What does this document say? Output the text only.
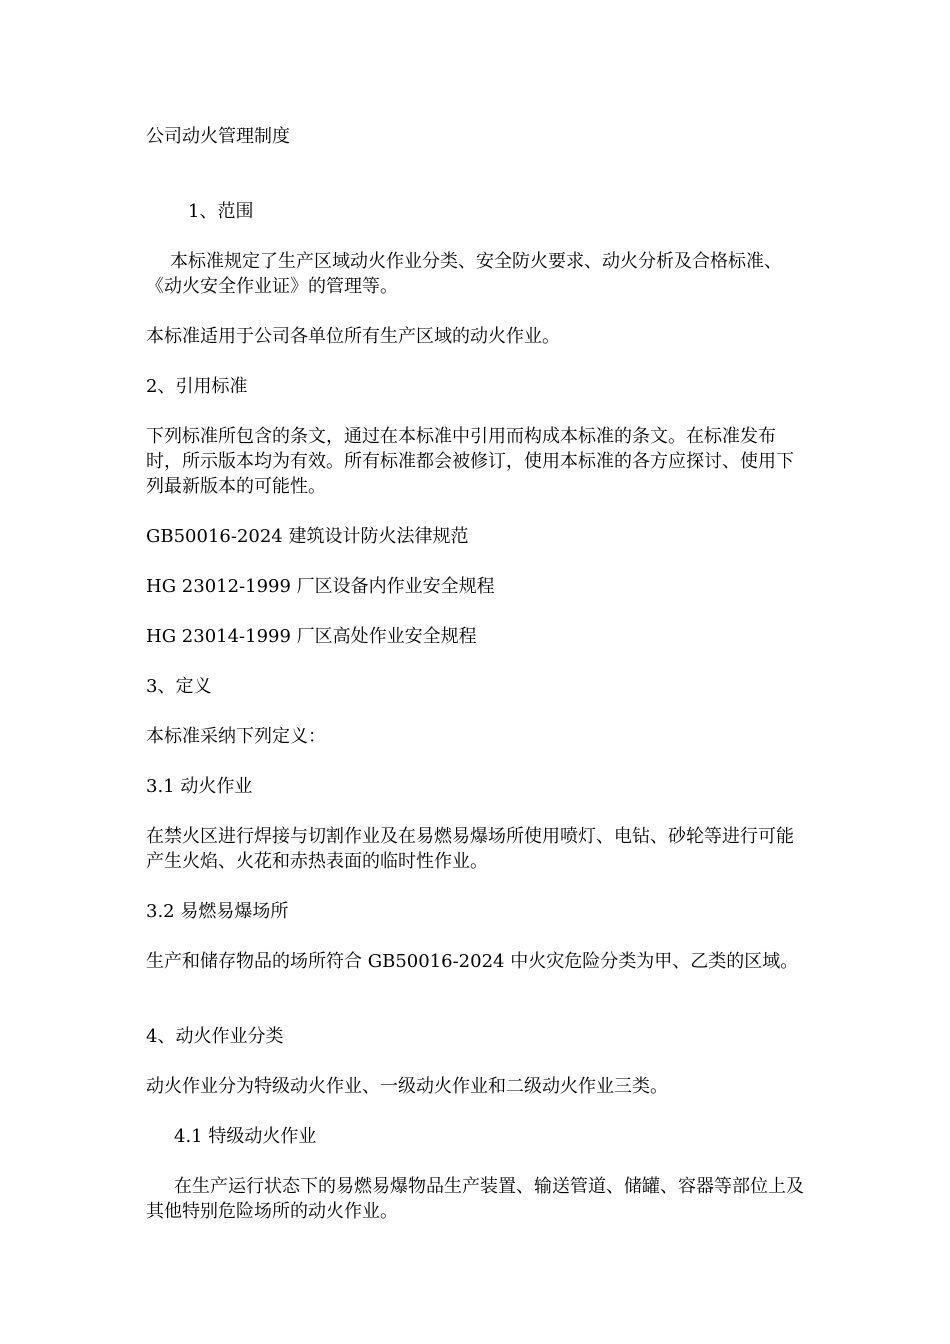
公司动火管理制度

1、范围

本标准规定了生产区域动火作业分类、安全防火要求、动火分析及合格标准、《动火安全作业证》的管理等。

本标准适用于公司各单位所有生产区域的动火作业。

2、引用标准

下列标准所包含的条文，通过在本标准中引用而构成本标准的条文。在标准发布时，所示版本均为有效。所有标准都会被修订，使用本标准的各方应探讨、使用下列最新版本的可能性。

GB50016-2024 建筑设计防火法律规范

HG 23012-1999 厂区设备内作业安全规程

HG 23014-1999 厂区高处作业安全规程

3、定义

本标准采纳下列定义：

3.1 动火作业

在禁火区进行焊接与切割作业及在易燃易爆场所使用喷灯、电钻、砂轮等进行可能产生火焰、火花和赤热表面的临时性作业。

3.2 易燃易爆场所

生产和储存物品的场所符合 GB50016-2024 中火灾危险分类为甲、乙类的区域。

4、动火作业分类

动火作业分为特级动火作业、一级动火作业和二级动火作业三类。

4.1 特级动火作业

在生产运行状态下的易燃易爆物品生产装置、输送管道、储罐、容器等部位上及其他特别危险场所的动火作业。
